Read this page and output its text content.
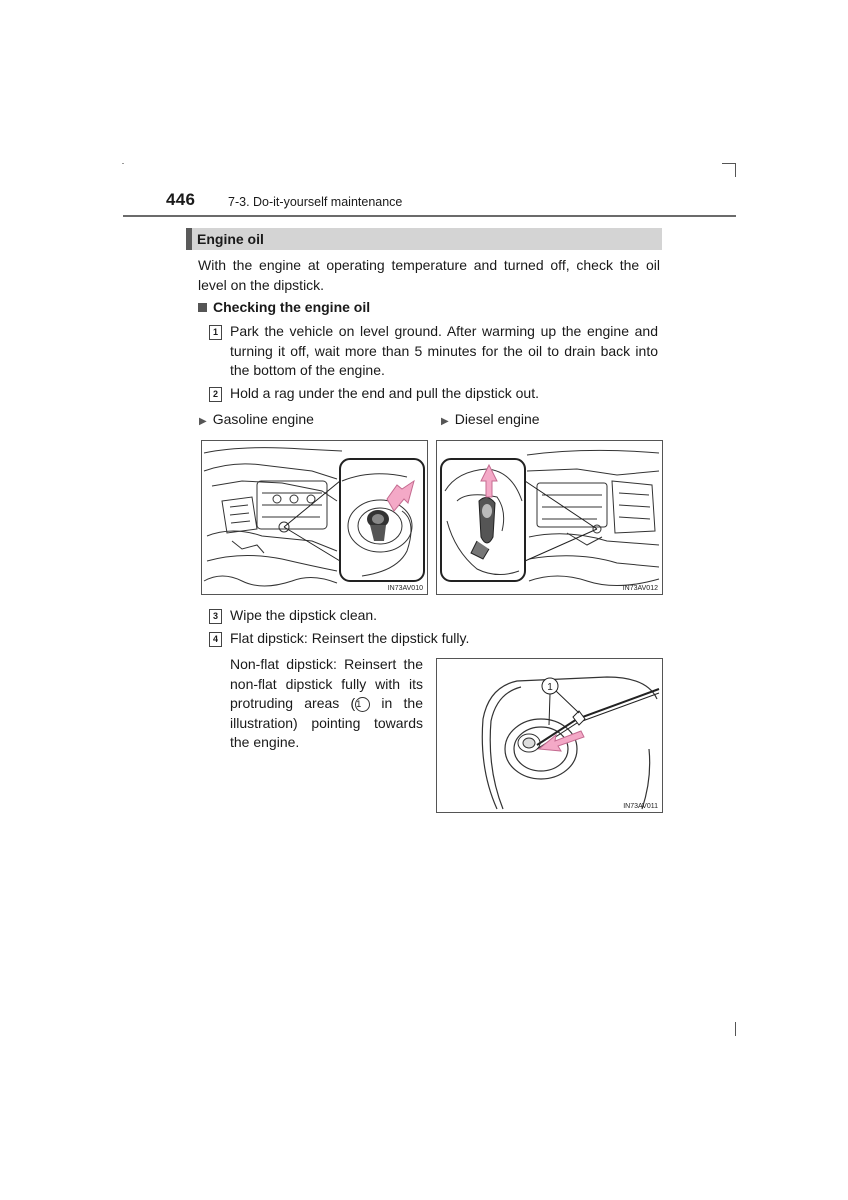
446	7-3. Do-it-yourself maintenance
Engine oil
With the engine at operating temperature and turned off, check the oil level on the dipstick.
Checking the engine oil
1 Park the vehicle on level ground. After warming up the engine and turning it off, wait more than 5 minutes for the oil to drain back into the bottom of the engine.
2 Hold a rag under the end and pull the dipstick out.
▶ Gasoline engine	▶ Diesel engine
IN73AV010	IN73AV012
3 Wipe the dipstick clean.
4 Flat dipstick: Reinsert the dipstick fully.
Non-flat dipstick: Reinsert the non-flat dipstick fully with its protruding areas (1 in the illustration) pointing towards the engine.
1
IN73AV011
